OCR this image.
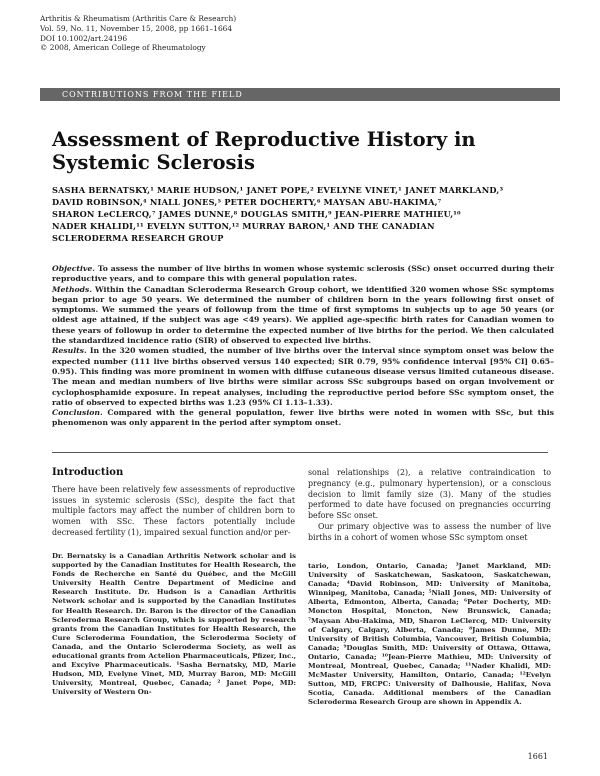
Arthritis & Rheumatism (Arthritis Care & Research)
Vol. 59, No. 11, November 15, 2008, pp 1661–1664
DOI 10.1002/art.24196
© 2008, American College of Rheumatology
CONTRIBUTIONS FROM THE FIELD
Assessment of Reproductive History in
Systemic Sclerosis
SASHA BERNATSKY,¹ MARIE HUDSON,¹ JANET POPE,² EVELYNE VINET,¹ JANET MARKLAND,³
DAVID ROBINSON,⁴ NIALL JONES,⁵ PETER DOCHERTY,⁶ MAYSAN ABU-HAKIMA,⁷
SHARON LeCLERCQ,⁷ JAMES DUNNE,⁸ DOUGLAS SMITH,⁹ JEAN-PIERRE MATHIEU,¹⁰
NADER KHALIDI,¹¹ EVELYN SUTTON,¹² MURRAY BARON,¹ AND THE CANADIAN
SCLERODERMA RESEARCH GROUP

Objective. To assess the number of live births in women whose systemic sclerosis (SSc) onset occurred during their reproductive years, and to compare this with general population rates.

Methods. Within the Canadian Scleroderma Research Group cohort, we identified 320 women whose SSc symptoms began prior to age 50 years. We determined the number of children born in the years following first onset of symptoms. We summed the years of followup from the time of first symptoms in subjects up to age 50 years (or oldest age attained, if the subject was age <49 years). We applied age-specific birth rates for Canadian women to these years of followup in order to determine the expected number of live births for the period. We then calculated the standardized incidence ratio (SIR) of observed to expected live births.

Results. In the 320 women studied, the number of live births over the interval since symptom onset was below the expected number (111 live births observed versus 140 expected; SIR 0.79, 95% confidence interval [95% CI] 0.65–0.95). This finding was more prominent in women with diffuse cutaneous disease versus limited cutaneous disease. The mean and median numbers of live births were similar across SSc subgroups based on organ involvement or cyclophosphamide exposure. In repeat analyses, including the reproductive period before SSc symptom onset, the ratio of observed to expected births was 1.23 (95% CI 1.13–1.33).

Conclusion. Compared with the general population, fewer live births were noted in women with SSc, but this phenomenon was only apparent in the period after symptom onset.

Introduction

There have been relatively few assessments of reproductive issues in systemic sclerosis (SSc), despite the fact that multiple factors may affect the number of children born to women with SSc. These factors potentially include decreased fertility (1), impaired sexual function and/or per-

sonal relationships (2), a relative contraindication to pregnancy (e.g., pulmonary hypertension), or a conscious decision to limit family size (3). Many of the studies performed to date have focused on pregnancies occurring before SSc onset.

Our primary objective was to assess the number of live births in a cohort of women whose SSc symptom onset

Dr. Bernatsky is a Canadian Arthritis Network scholar and is supported by the Canadian Institutes for Health Research, the Fonds de Recherche en Santé du Québec, and the McGill University Health Centre Department of Medicine and Research Institute. Dr. Hudson is a Canadian Arthritis Network scholar and is supported by the Canadian Institutes for Health Research. Dr. Baron is the director of the Canadian Scleroderma Research Group, which is supported by research grants from the Canadian Institutes for Health Research, the Cure Scleroderma Foundation, the Scleroderma Society of Canada, and the Ontario Scleroderma Society, as well as educational grants from Actelion Pharmaceuticals, Pfizer, Inc., and Excyive Pharmaceuticals. ¹Sasha Bernatsky, MD, Marie Hudson, MD, Evelyne Vinet, MD, Murray Baron, MD: McGill University, Montreal, Quebec, Canada; ² Janet Pope, MD: University of Western On-
tario, London, Ontario, Canada; ³Janet Markland, MD: University of Saskatchewan, Saskatoon, Saskatchewan, Canada; ⁴David Robinson, MD: University of Manitoba, Winnipeg, Manitoba, Canada; ⁵Niall Jones, MD: University of Alberta, Edmonton, Alberta, Canada; ⁶Peter Docherty, MD: Moncton Hospital, Moncton, New Brunswick, Canada; ⁷Maysan Abu-Hakima, MD, Sharon LeClercq, MD: University of Calgary, Calgary, Alberta, Canada; ⁸James Dunne, MD: University of British Columbia, Vancouver, British Columbia, Canada; ⁹Douglas Smith, MD: University of Ottawa, Ottawa, Ontario, Canada; ¹⁰Jean-Pierre Mathieu, MD: University of Montreal, Montreal, Quebec, Canada; ¹¹Nader Khalidi, MD: McMaster University, Hamilton, Ontario, Canada; ¹²Evelyn Sutton, MD, FRCPC: University of Dalhousie, Halifax, Nova Scotia, Canada. Additional members of the Canadian Scleroderma Research Group are shown in Appendix A.
1661
